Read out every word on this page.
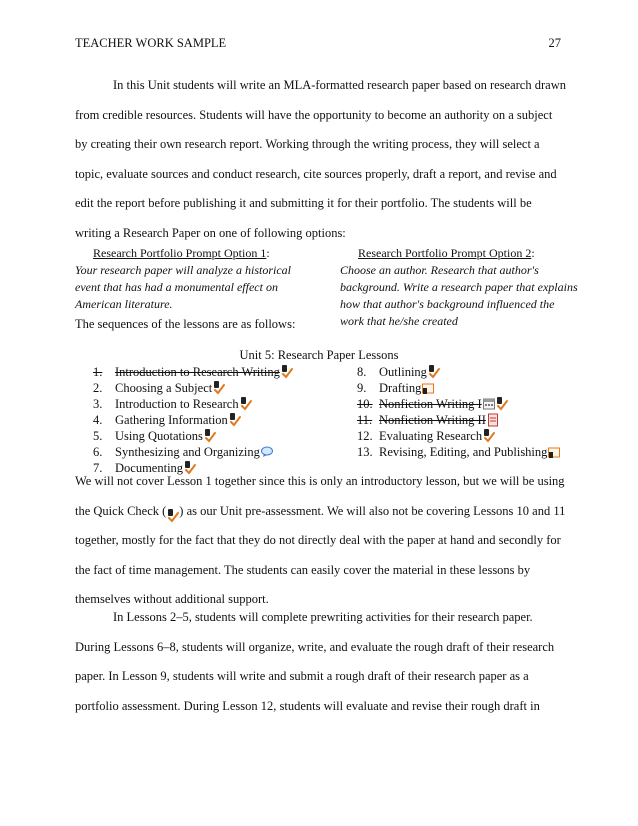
TEACHER WORK SAMPLE	27

In this Unit students will write an MLA-formatted research paper based on research drawn from credible resources. Students will have the opportunity to become an authority on a subject by creating their own research report. Working through the writing process, they will select a topic, evaluate sources and conduct research, cite sources properly, draft a report, and revise and edit the report before publishing it and submitting it for their portfolio. The students will be writing a Research Paper on one of following options:

Research Portfolio Prompt Option 1:
Your research paper will analyze a historical event that has had a monumental effect on American literature.
Research Portfolio Prompt Option 2:
Choose an author. Research that author's background. Write a research paper that explains how that author's background influenced the work that he/she created
The sequences of the lessons are as follows:
Unit 5: Research Paper Lessons
1.	Introduction to Research Writing
2.	Choosing a Subject
3.	Introduction to Research
4.	Gathering Information
5.	Using Quotations
6.	Synthesizing and Organizing
7.	Documenting
8.	Outlining
9.	Drafting
10. Nonfiction Writing I
11. Nonfiction Writing II
12. Evaluating Research
13. Revising, Editing, and Publishing

We will not cover Lesson 1 together since this is only an introductory lesson, but we will be using the Quick Check ( ) as our Unit pre-assessment. We will also not be covering Lessons 10 and 11 together, mostly for the fact that they do not directly deal with the paper at hand and secondly for the fact of time management. The students can easily cover the material in these lessons by themselves without additional support.

In Lessons 2–5, students will complete prewriting activities for their research paper. During Lessons 6–8, students will organize, write, and evaluate the rough draft of their research paper. In Lesson 9, students will write and submit a rough draft of their research paper as a portfolio assessment. During Lesson 12, students will evaluate and revise their rough draft in
